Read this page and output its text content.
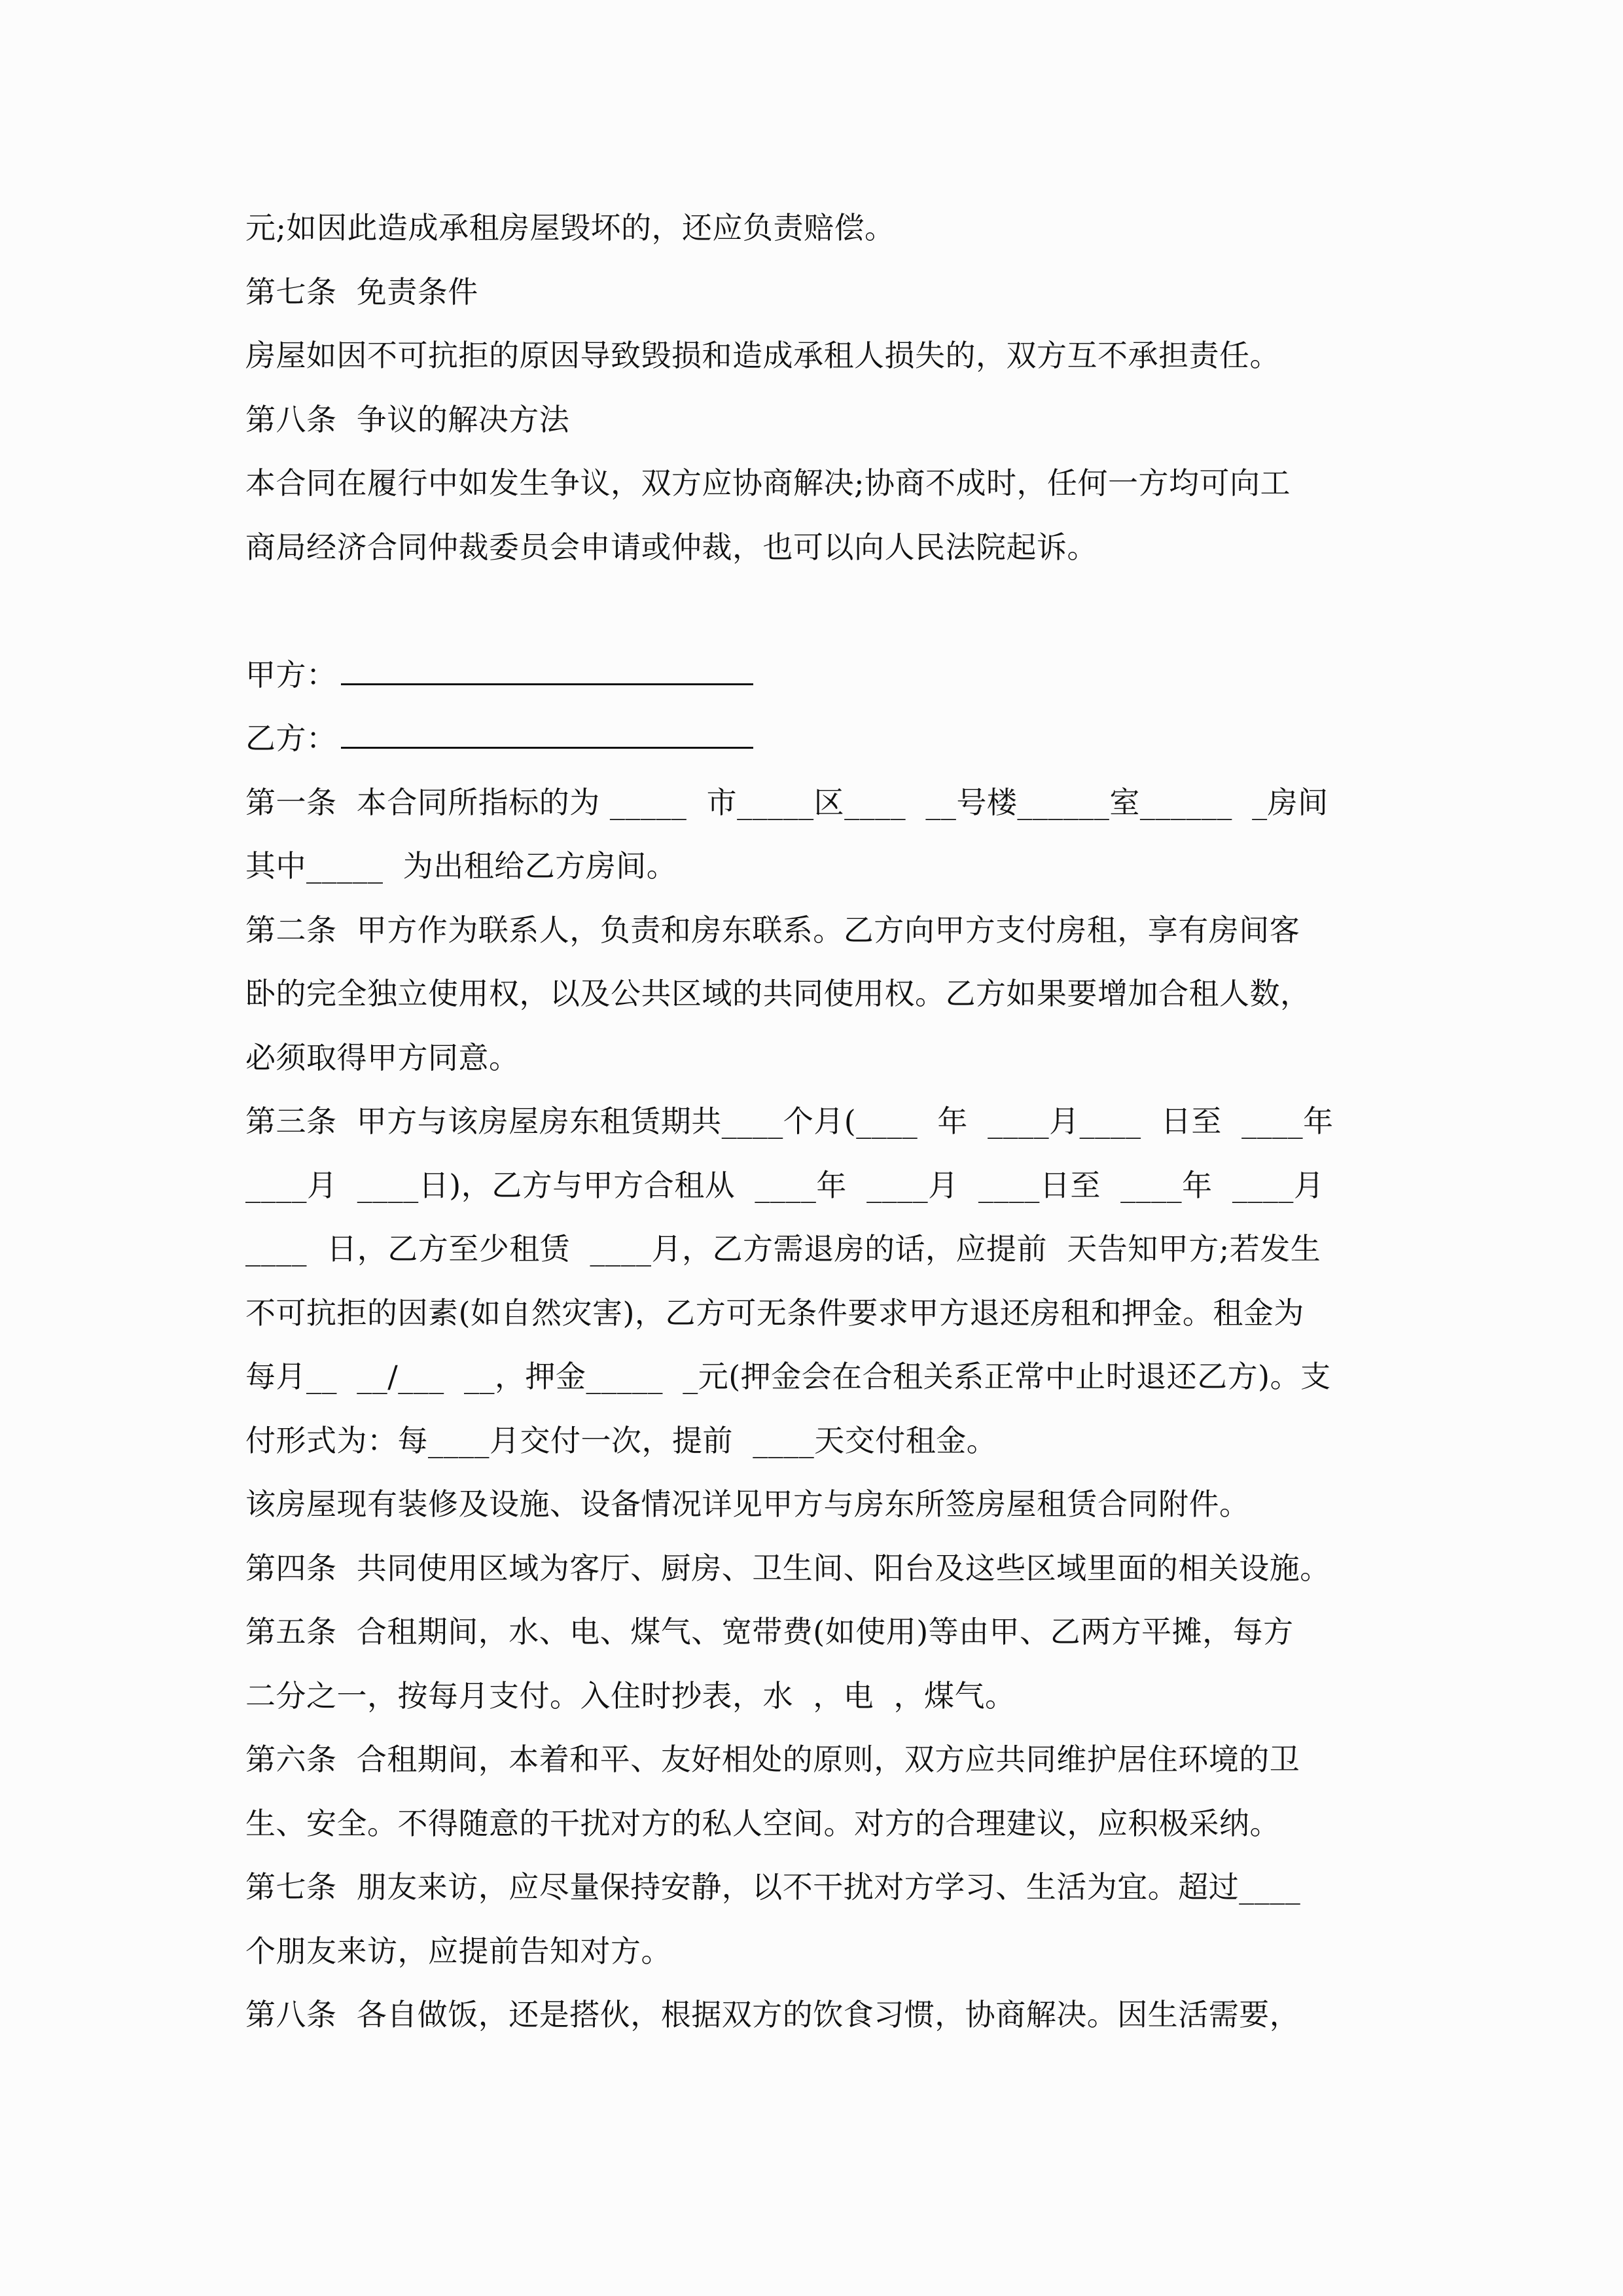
元;如因此造成承租房屋毁坏的，还应负责赔偿。
第七条  免责条件
房屋如因不可抗拒的原因导致毁损和造成承租人损失的，双方互不承担责任。
第八条  争议的解决方法
本合同在履行中如发生争议，双方应协商解决;协商不成时，任何一方均可向工
商局经济合同仲裁委员会申请或仲裁，也可以向人民法院起诉。
甲方：
乙方：
第一条  本合同所指标的为 _____  市_____区____  __号楼______室______  _房间
其中_____  为出租给乙方房间。
第二条  甲方作为联系人，负责和房东联系。乙方向甲方支付房租，享有房间客
卧的完全独立使用权，以及公共区域的共同使用权。乙方如果要增加合租人数，
必须取得甲方同意。
第三条  甲方与该房屋房东租赁期共____个月(____  年  ____月____  日至  ____年
____月  ____日)，乙方与甲方合租从  ____年  ____月  ____日至  ____年  ____月
____  日，乙方至少租赁  ____月，乙方需退房的话，应提前  天告知甲方;若发生
不可抗拒的因素(如自然灾害)，乙方可无条件要求甲方退还房租和押金。租金为
每月__  __/___  __，押金_____  _元(押金会在合租关系正常中止时退还乙方)。支
付形式为：每____月交付一次，提前  ____天交付租金。
该房屋现有装修及设施、设备情况详见甲方与房东所签房屋租赁合同附件。
第四条  共同使用区域为客厅、厨房、卫生间、阳台及这些区域里面的相关设施。
第五条  合租期间，水、电、煤气、宽带费(如使用)等由甲、乙两方平摊，每方
二分之一，按每月支付。入住时抄表，水  ，电  ，煤气。
第六条  合租期间，本着和平、友好相处的原则，双方应共同维护居住环境的卫
生、安全。不得随意的干扰对方的私人空间。对方的合理建议，应积极采纳。
第七条  朋友来访，应尽量保持安静，以不干扰对方学习、生活为宜。超过____
个朋友来访，应提前告知对方。
第八条  各自做饭，还是搭伙，根据双方的饮食习惯，协商解决。因生活需要，
